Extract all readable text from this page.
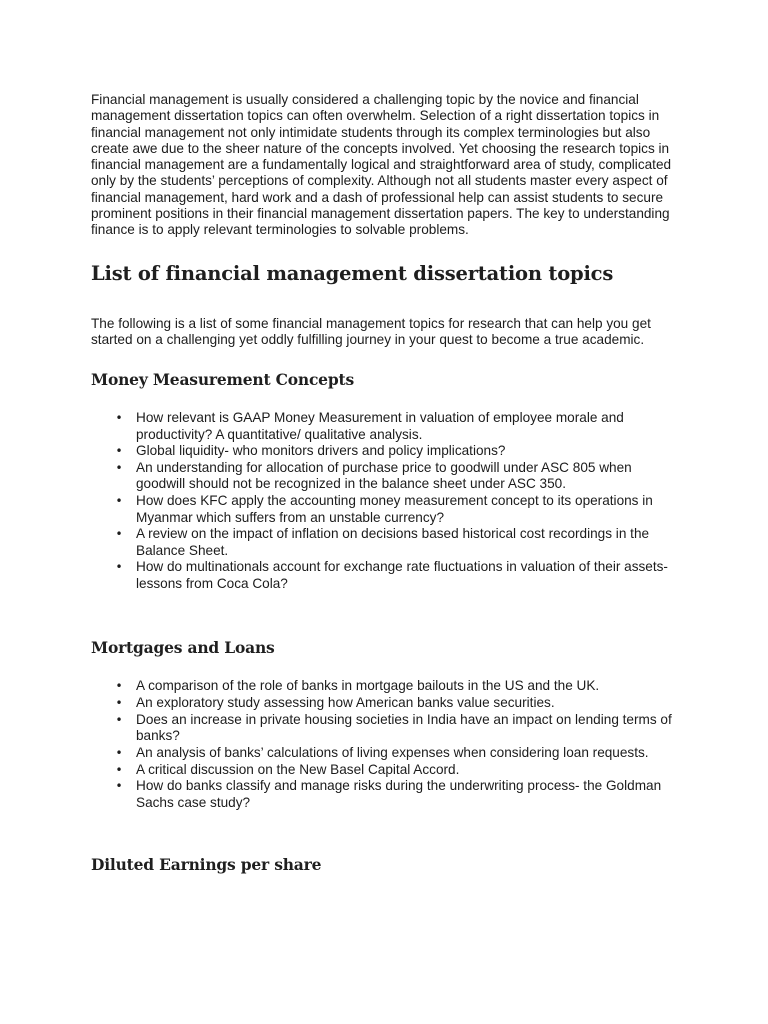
Financial management is usually considered a challenging topic by the novice and financial management dissertation topics can often overwhelm. Selection of a right dissertation topics in financial management not only intimidate students through its complex terminologies but also create awe due to the sheer nature of the concepts involved. Yet choosing the research topics in financial management are a fundamentally logical and straightforward area of study, complicated only by the students’ perceptions of complexity. Although not all students master every aspect of financial management, hard work and a dash of professional help can assist students to secure prominent positions in their financial management dissertation papers. The key to understanding finance is to apply relevant terminologies to solvable problems.

List of financial management dissertation topics

The following is a list of some financial management topics for research that can help you get started on a challenging yet oddly fulfilling journey in your quest to become a true academic.

Money Measurement Concepts
•
How relevant is GAAP Money Measurement in valuation of employee morale and productivity? A quantitative/ qualitative analysis.
•
Global liquidity- who monitors drivers and policy implications?
•
An understanding for allocation of purchase price to goodwill under ASC 805 when goodwill should not be recognized in the balance sheet under ASC 350.
•
How does KFC apply the accounting money measurement concept to its operations in Myanmar which suffers from an unstable currency?
•
A review on the impact of inflation on decisions based historical cost recordings in the Balance Sheet.
•
How do multinationals account for exchange rate fluctuations in valuation of their assets- lessons from Coca Cola?
Mortgages and Loans
•
A comparison of the role of banks in mortgage bailouts in the US and the UK.
•
An exploratory study assessing how American banks value securities.
•
Does an increase in private housing societies in India have an impact on lending terms of banks?
•
An analysis of banks’ calculations of living expenses when considering loan requests.
•
A critical discussion on the New Basel Capital Accord.
•
How do banks classify and manage risks during the underwriting process- the Goldman Sachs case study?
Diluted Earnings per share
